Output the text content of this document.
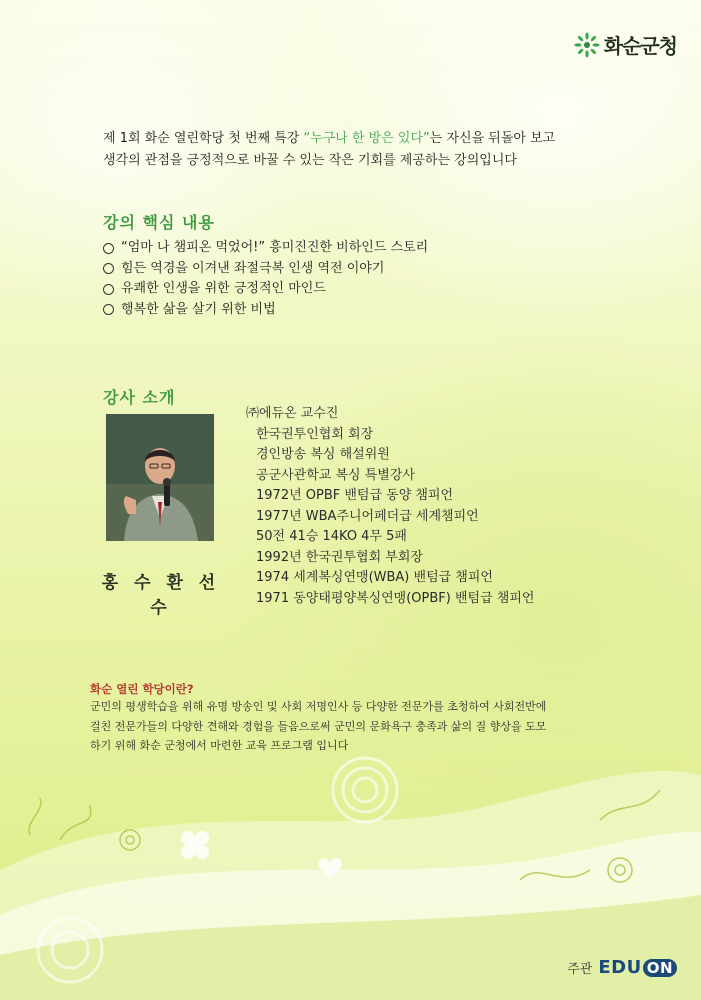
화순군청
제 1회 화순 열린학당 첫 번째 특강 “누구나 한 방은 있다”는 자신을 뒤돌아 보고
생각의 관점을 긍정적으로 바꿀 수 있는 작은 기회를 제공하는 강의입니다
강의 핵심 내용
“엄마 나 챔피온 먹었어!” 흥미진진한 비하인드 스토리
힘든 역경을 이겨낸 좌절극복 인생 역전 이야기
유쾌한 인생을 위한 긍정적인 마인드
행복한 삶을 살기 위한 비법
강사 소개
홍 수 환 선 수
㈜에듀온 교수진
한국권투인협회 회장
경인방송 복싱 해설위원
공군사관학교 복싱 특별강사
1972년 OPBF 밴텀급 동양 챔피언
1977년 WBA주니어페더급 세계챔피언
50전 41승 14KO 4무 5패
1992년 한국권투협회 부회장
1974 세계복싱연맹(WBA) 밴텀급 챔피언
1971 동양태평양복싱연맹(OPBF) 밴텀급 챔피언
화순 열린 학당이란?
군민의 평생학습을 위해 유명 방송인 및 사회 저명인사 등 다양한 전문가를 초청하여 사회전반에
걸친 전문가들의 다양한 견해와 경험을 들음으로써 군민의 문화욕구 충족과 삶의 질 향상을 도모
하기 위해 화순 군청에서 마련한 교육 프로그램 입니다
주관 EDU ON
